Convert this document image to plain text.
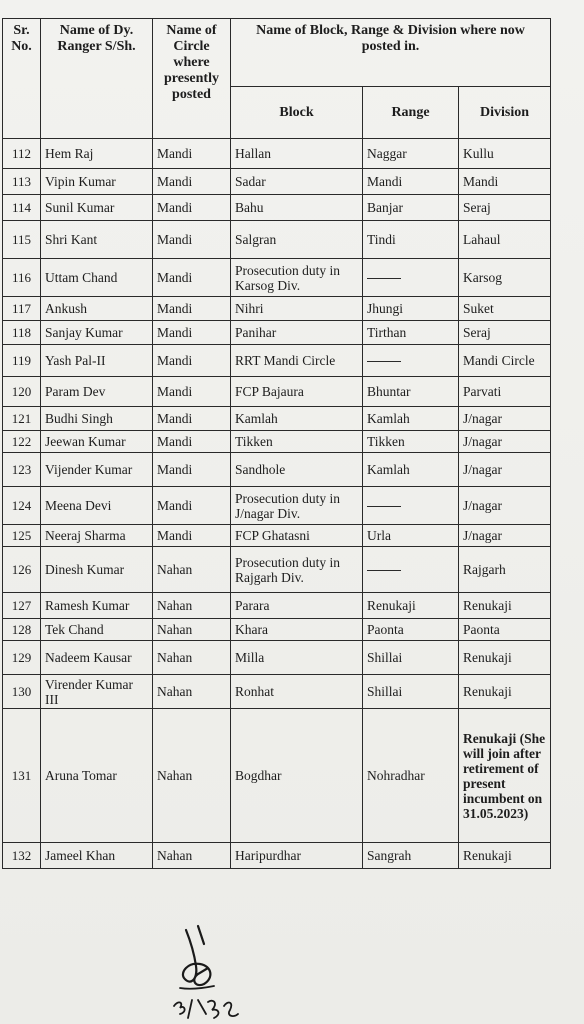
Sr. No.	Name of Dy. Ranger S/Sh.	Name of Circle where presently posted	Name of Block, Range & Division where now posted in.		
			Block	Range	Division
112	Hem Raj	Mandi	Hallan	Naggar	Kullu
113	Vipin Kumar	Mandi	Sadar	Mandi	Mandi
114	Sunil Kumar	Mandi	Bahu	Banjar	Seraj
115	Shri Kant	Mandi	Salgran	Tindi	Lahaul
116	Uttam Chand	Mandi	Prosecution duty in Karsog Div.		Karsog
117	Ankush	Mandi	Nihri	Jhungi	Suket
118	Sanjay Kumar	Mandi	Panihar	Tirthan	Seraj
119	Yash Pal-II	Mandi	RRT Mandi Circle		Mandi Circle
120	Param Dev	Mandi	FCP Bajaura	Bhuntar	Parvati
121	Budhi Singh	Mandi	Kamlah	Kamlah	J/nagar
122	Jeewan Kumar	Mandi	Tikken	Tikken	J/nagar
123	Vijender Kumar	Mandi	Sandhole	Kamlah	J/nagar
124	Meena Devi	Mandi	Prosecution duty in J/nagar Div.		J/nagar
125	Neeraj Sharma	Mandi	FCP Ghatasni	Urla	J/nagar
126	Dinesh Kumar	Nahan	Prosecution duty in Rajgarh Div.		Rajgarh
127	Ramesh Kumar	Nahan	Parara	Renukaji	Renukaji
128	Tek Chand	Nahan	Khara	Paonta	Paonta
129	Nadeem Kausar	Nahan	Milla	Shillai	Renukaji
130	Virender Kumar III	Nahan	Ronhat	Shillai	Renukaji
131	Aruna Tomar	Nahan	Bogdhar	Nohradhar	Renukaji (She will join after retirement of present incumbent on 31.05.2023)
132	Jameel Khan	Nahan	Haripurdhar	Sangrah	Renukaji
